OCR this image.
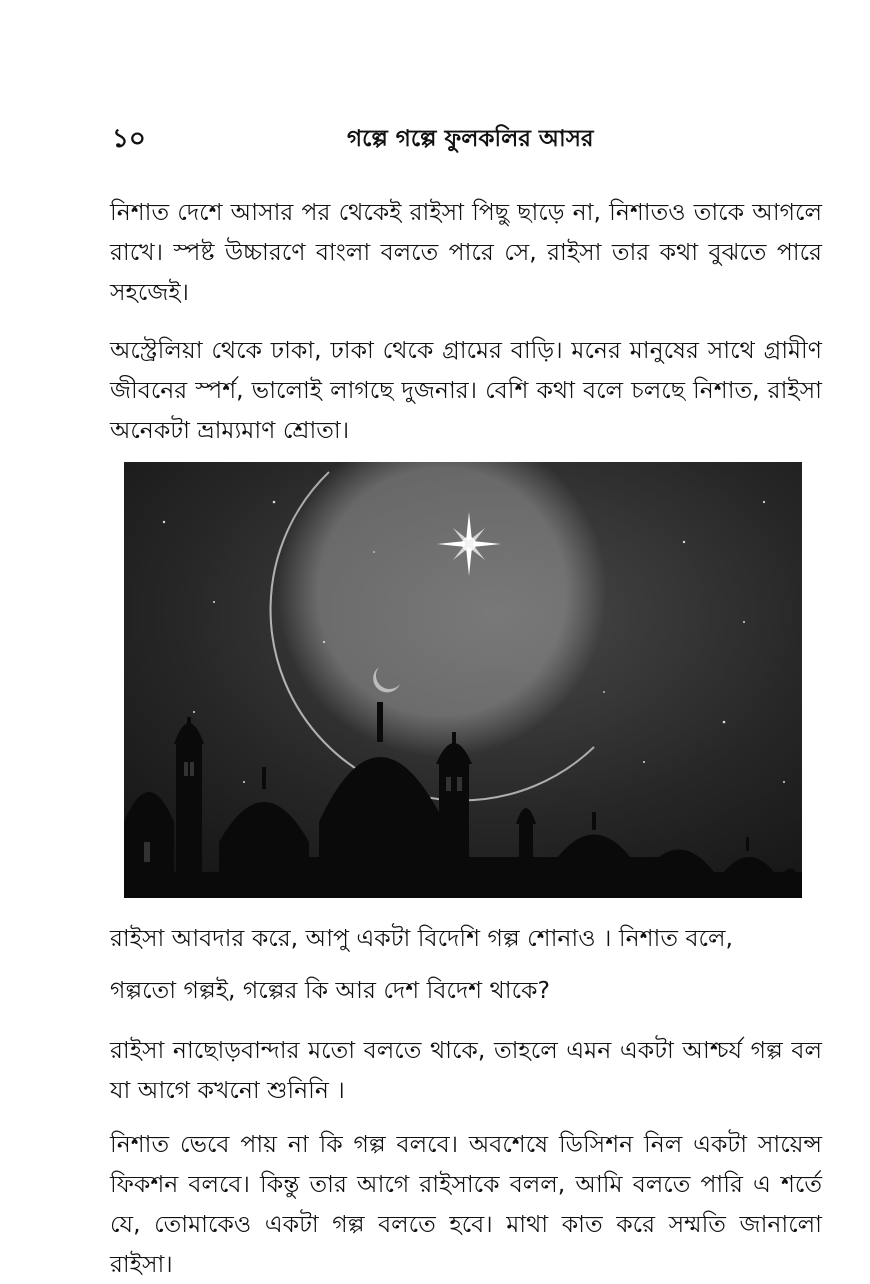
১০	গল্পে গল্পে ফুলকলির আসর

নিশাত দেশে আসার পর থেকেই রাইসা পিছু ছাড়ে না, নিশাতও তাকে আগলে রাখে। স্পষ্ট উচ্চারণে বাংলা বলতে পারে সে, রাইসা তার কথা বুঝতে পারে সহজেই।

অস্ট্রেলিয়া থেকে ঢাকা, ঢাকা থেকে গ্রামের বাড়ি। মনের মানুষের সাথে গ্রামীণ জীবনের স্পর্শ, ভালোই লাগছে দুজনার। বেশি কথা বলে চলছে নিশাত, রাইসা অনেকটা ভ্রাম্যমাণ শ্রোতা।

রাইসা আবদার করে, আপু একটা বিদেশি গল্প শোনাও । নিশাত বলে,

গল্পতো গল্পই, গল্পের কি আর দেশ বিদেশ থাকে?

রাইসা নাছোড়বান্দার মতো বলতে থাকে, তাহলে এমন একটা আশ্চর্য গল্প বল যা আগে কখনো শুনিনি ।

নিশাত ভেবে পায় না কি গল্প বলবে। অবশেষে ডিসিশন নিল একটা সায়েন্স ফিকশন বলবে। কিন্তু তার আগে রাইসাকে বলল, আমি বলতে পারি এ শর্তে যে, তোমাকেও একটা গল্প বলতে হবে। মাথা কাত করে সম্মতি জানালো রাইসা।
